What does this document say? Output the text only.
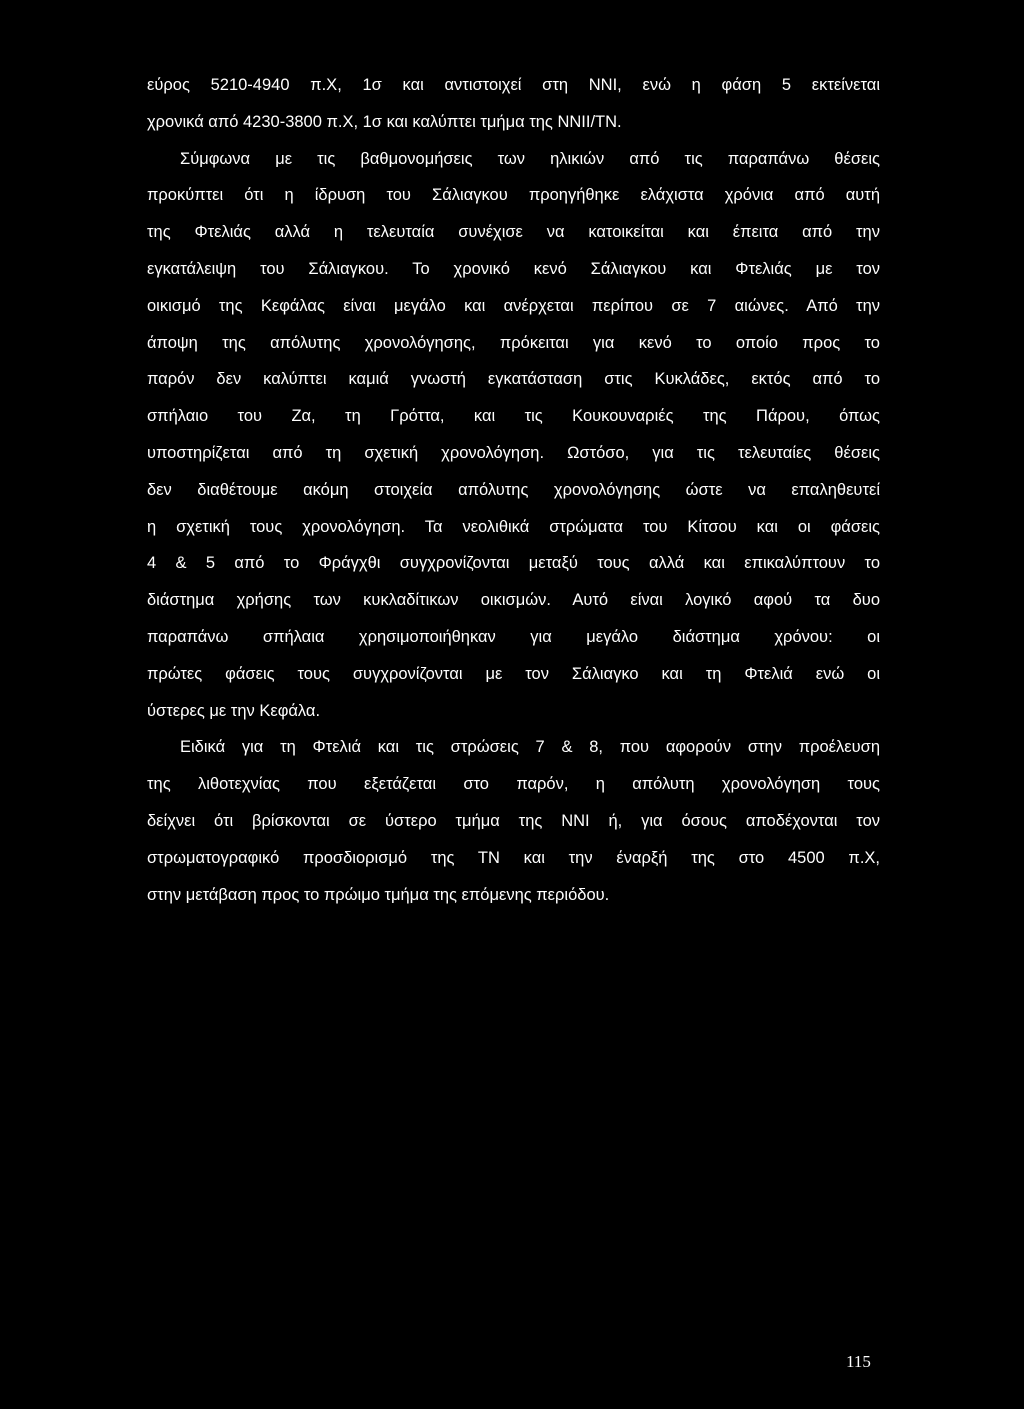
εύρος 5210-4940 π.Χ, 1σ και αντιστοιχεί στη ΝΝΙ, ενώ η φάση 5 εκτείνεται
χρονικά από 4230-3800 π.Χ, 1σ και καλύπτει τμήμα της ΝΝΙΙ/ΤΝ.
Σύμφωνα με τις βαθμονομήσεις των ηλικιών από τις παραπάνω θέσεις
προκύπτει ότι η ίδρυση του Σάλιαγκου προηγήθηκε ελάχιστα χρόνια από αυτή
της Φτελιάς αλλά η τελευταία συνέχισε να κατοικείται και έπειτα από την
εγκατάλειψη του Σάλιαγκου. Το χρονικό κενό Σάλιαγκου και Φτελιάς με τον
οικισμό της Κεφάλας είναι μεγάλο και ανέρχεται περίπου σε 7 αιώνες. Από την
άποψη της απόλυτης χρονολόγησης, πρόκειται για κενό το οποίο προς το
παρόν δεν καλύπτει καμιά γνωστή εγκατάσταση στις Κυκλάδες, εκτός από το
σπήλαιο του Ζα, τη Γρόττα, και τις Κουκουναριές της Πάρου, όπως
υποστηρίζεται από τη σχετική χρονολόγηση. Ωστόσο, για τις τελευταίες θέσεις
δεν διαθέτουμε ακόμη στοιχεία απόλυτης χρονολόγησης ώστε να επαληθευτεί
η σχετική τους χρονολόγηση. Τα νεολιθικά στρώματα του Κίτσου και οι φάσεις
4 & 5 από το Φράγχθι συγχρονίζονται μεταξύ τους αλλά και επικαλύπτουν το
διάστημα χρήσης των κυκλαδίτικων οικισμών. Αυτό είναι λογικό αφού τα δυο
παραπάνω σπήλαια χρησιμοποιήθηκαν για μεγάλο διάστημα χρόνου: οι
πρώτες φάσεις τους συγχρονίζονται με τον Σάλιαγκο και τη Φτελιά ενώ οι
ύστερες με την Κεφάλα.
Ειδικά για τη Φτελιά και τις στρώσεις 7 & 8, που αφορούν στην προέλευση
της λιθοτεχνίας που εξετάζεται στο παρόν, η απόλυτη χρονολόγηση τους
δείχνει ότι βρίσκονται σε ύστερο τμήμα της ΝΝΙ ή, για όσους αποδέχονται τον
στρωματογραφικό προσδιορισμό της ΤΝ και την έναρξή της στο 4500 π.Χ,
στην μετάβαση προς το πρώιμο τμήμα της επόμενης περιόδου.
115
